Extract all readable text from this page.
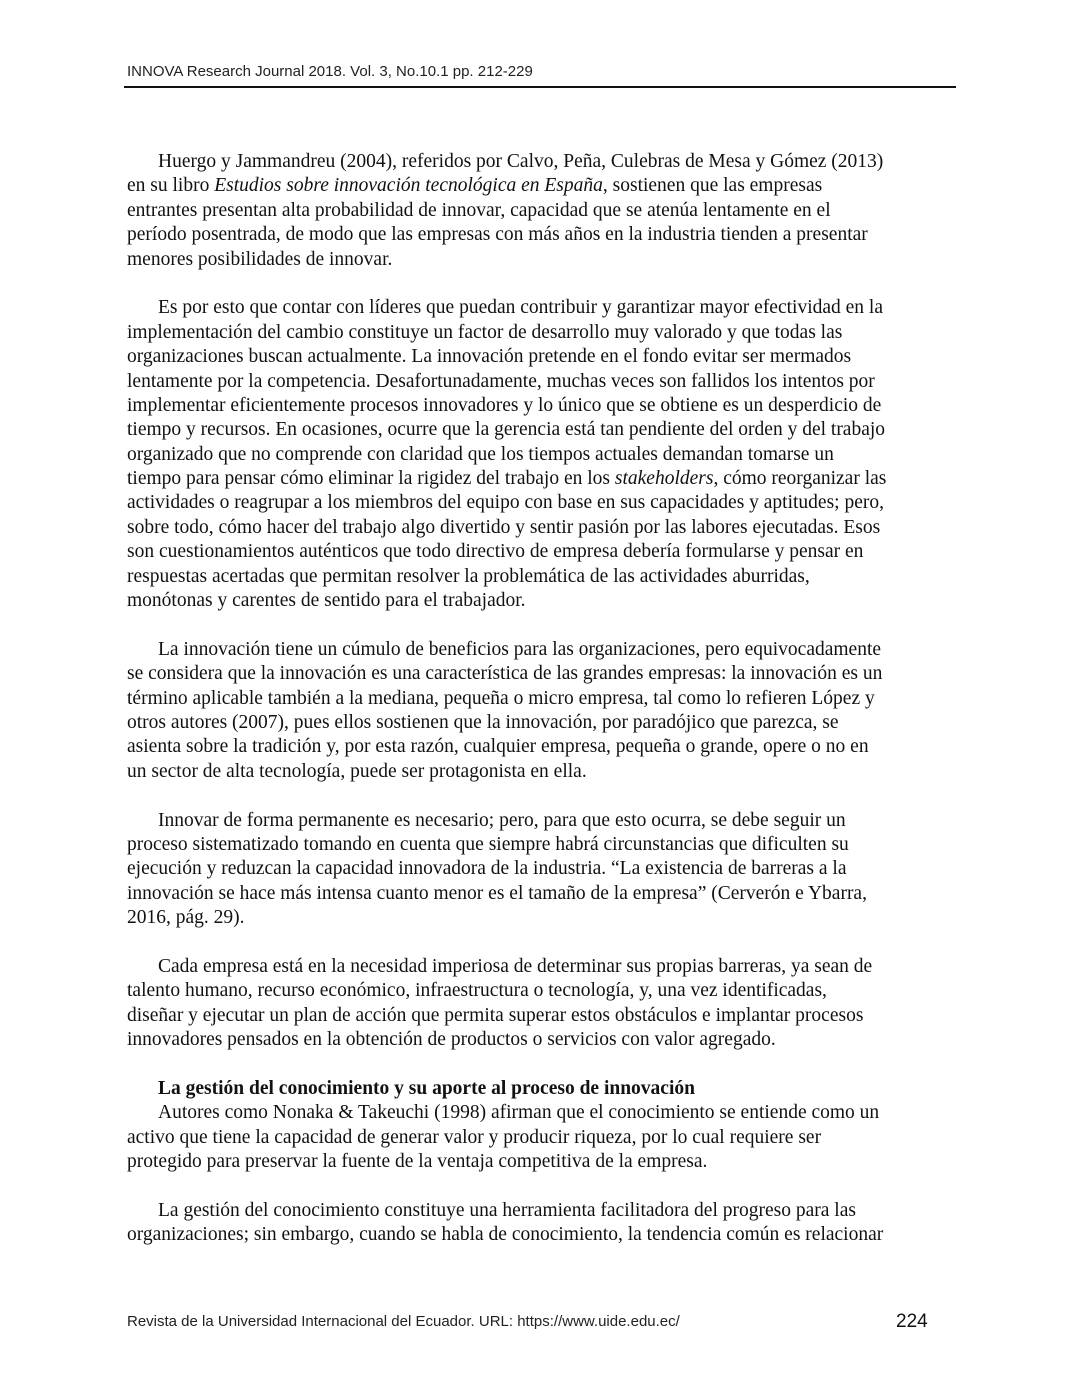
INNOVA Research Journal 2018. Vol. 3, No.10.1 pp. 212-229
Huergo y Jammandreu (2004), referidos por Calvo, Peña, Culebras de Mesa y Gómez (2013)
en su libro Estudios sobre innovación tecnológica en España, sostienen que las empresas
entrantes presentan alta probabilidad de innovar, capacidad que se atenúa lentamente en el
período posentrada, de modo que las empresas con más años en la industria tienden a presentar
menores posibilidades de innovar.
Es por esto que contar con líderes que puedan contribuir y garantizar mayor efectividad en la
implementación del cambio constituye un factor de desarrollo muy valorado y que todas las
organizaciones buscan actualmente. La innovación pretende en el fondo evitar ser mermados
lentamente por la competencia. Desafortunadamente, muchas veces son fallidos los intentos por
implementar eficientemente procesos innovadores y lo único que se obtiene es un desperdicio de
tiempo y recursos. En ocasiones, ocurre que la gerencia está tan pendiente del orden y del trabajo
organizado que no comprende con claridad que los tiempos actuales demandan tomarse un
tiempo para pensar cómo eliminar la rigidez del trabajo en los stakeholders, cómo reorganizar las
actividades o reagrupar a los miembros del equipo con base en sus capacidades y aptitudes; pero,
sobre todo, cómo hacer del trabajo algo divertido y sentir pasión por las labores ejecutadas. Esos
son cuestionamientos auténticos que todo directivo de empresa debería formularse y pensar en
respuestas acertadas que permitan resolver la problemática de las actividades aburridas,
monótonas y carentes de sentido para el trabajador.
La innovación tiene un cúmulo de beneficios para las organizaciones, pero equivocadamente
se considera que la innovación es una característica de las grandes empresas: la innovación es un
término aplicable también a la mediana, pequeña o micro empresa, tal como lo refieren López y
otros autores (2007), pues ellos sostienen que la innovación, por paradójico que parezca, se
asienta sobre la tradición y, por esta razón, cualquier empresa, pequeña o grande, opere o no en
un sector de alta tecnología, puede ser protagonista en ella.
Innovar de forma permanente es necesario; pero, para que esto ocurra, se debe seguir un
proceso sistematizado tomando en cuenta que siempre habrá circunstancias que dificulten su
ejecución y reduzcan la capacidad innovadora de la industria. “La existencia de barreras a la
innovación se hace más intensa cuanto menor es el tamaño de la empresa” (Cerverón e Ybarra,
2016, pág. 29).
Cada empresa está en la necesidad imperiosa de determinar sus propias barreras, ya sean de
talento humano, recurso económico, infraestructura o tecnología, y, una vez identificadas,
diseñar y ejecutar un plan de acción que permita superar estos obstáculos e implantar procesos
innovadores pensados en la obtención de productos o servicios con valor agregado.
La gestión del conocimiento y su aporte al proceso de innovación
Autores como Nonaka & Takeuchi (1998) afirman que el conocimiento se entiende como un
activo que tiene la capacidad de generar valor y producir riqueza, por lo cual requiere ser
protegido para preservar la fuente de la ventaja competitiva de la empresa.
La gestión del conocimiento constituye una herramienta facilitadora del progreso para las
organizaciones; sin embargo, cuando se habla de conocimiento, la tendencia común es relacionar
Revista de la Universidad Internacional del Ecuador. URL: https://www.uide.edu.ec/	224
